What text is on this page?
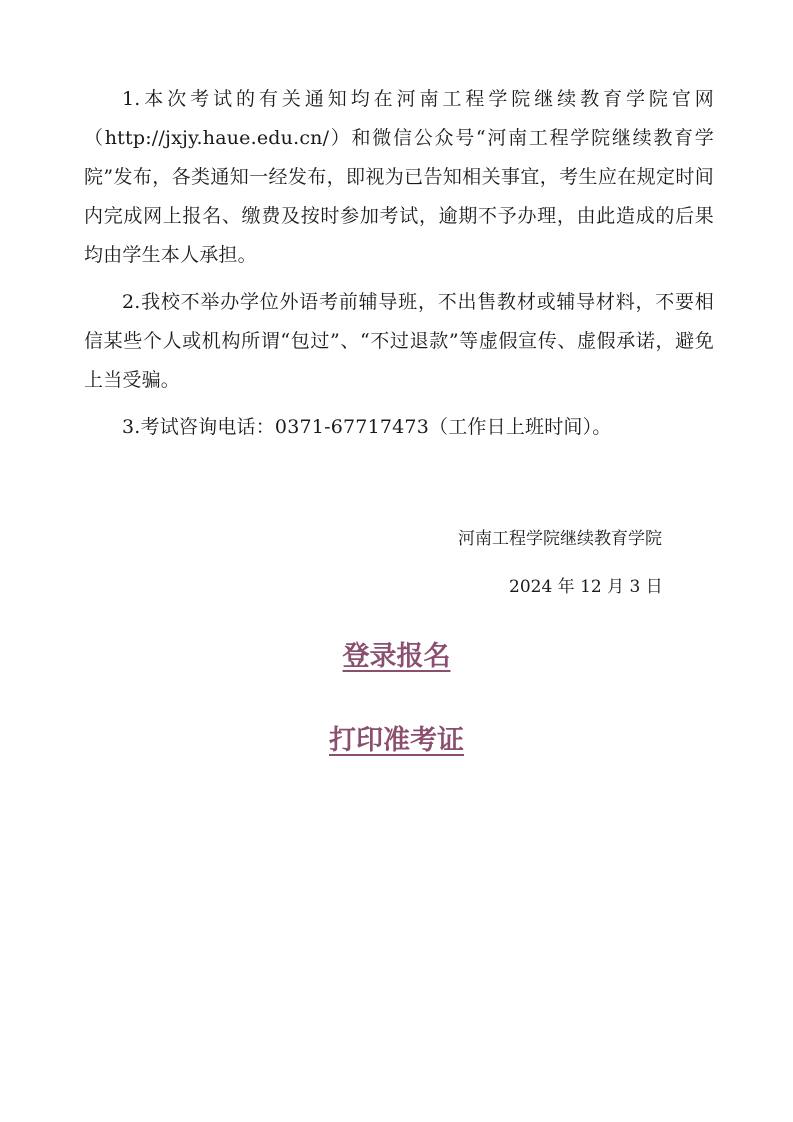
1.本次考试的有关通知均在河南工程学院继续教育学院官网（http://jxjy.haue.edu.cn/）和微信公众号“河南工程学院继续教育学院”发布，各类通知一经发布，即视为已告知相关事宜，考生应在规定时间内完成网上报名、缴费及按时参加考试，逾期不予办理，由此造成的后果均由学生本人承担。

2.我校不举办学位外语考前辅导班，不出售教材或辅导材料，不要相信某些个人或机构所谓“包过”、“不过退款”等虚假宣传、虚假承诺，避免上当受骗。

3.考试咨询电话：0371-67717473（工作日上班时间）。

河南工程学院继续教育学院
2024 年 12 月 3 日
登录报名
打印准考证
